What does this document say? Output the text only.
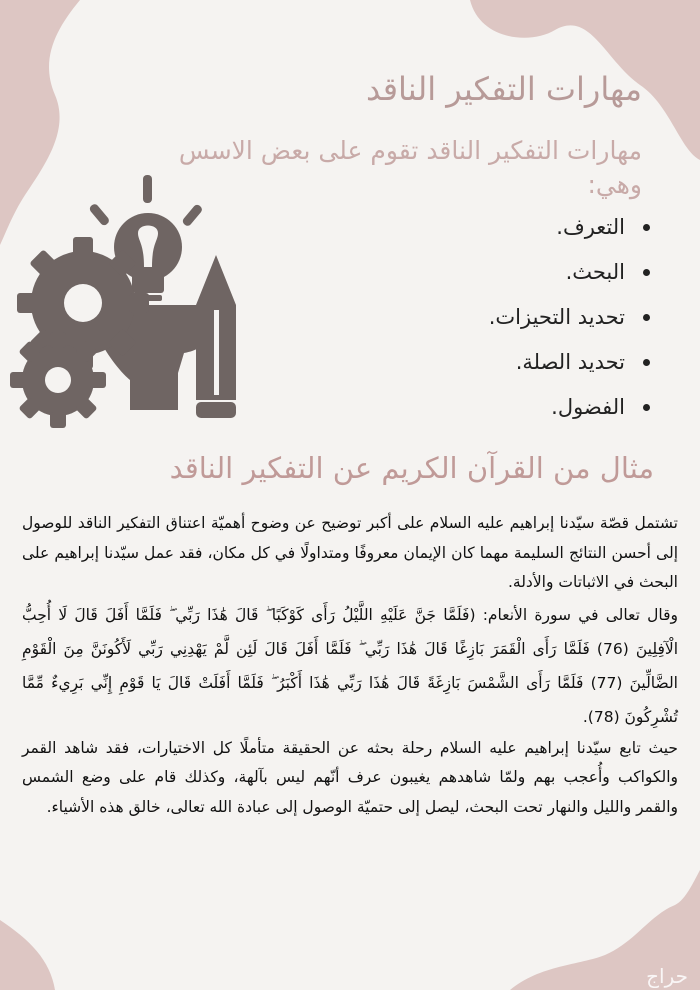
مهارات التفكير الناقد
مهارات التفكير الناقد تقوم على بعض الاسس وهي:
التعرف.
البحث.
تحديد التحيزات.
تحديد الصلة.
الفضول.
مثال من القرآن الكريم عن التفكير الناقد

تشتمل قصّة سيّدنا إبراهيم عليه السلام على أكبر توضيح عن وضوح أهميّة اعتناق التفكير الناقد للوصول إلى أحسن النتائج السليمة مهما كان الإيمان معروفًا ومتداولًا في كل مكان، فقد عمل سيّدنا إبراهيم على البحث في الاثباتات والأدلة.

وقال تعالى في سورة الأنعام: (فَلَمَّا جَنَّ عَلَيْهِ اللَّيْلُ رَأَى كَوْكَبًا ۖ قَالَ هَٰذَا رَبِّي ۖ فَلَمَّا أَفَلَ قَالَ لَا أُحِبُّ الْآفِلِينَ (76) فَلَمَّا رَأَى الْقَمَرَ بَازِغًا قَالَ هَٰذَا رَبِّي ۖ فَلَمَّا أَفَلَ قَالَ لَئِن لَّمْ يَهْدِنِي رَبِّي لَأَكُونَنَّ مِنَ الْقَوْمِ الضَّالِّينَ (77) فَلَمَّا رَأَى الشَّمْسَ بَازِغَةً قَالَ هَٰذَا رَبِّي هَٰذَا أَكْبَرُ ۖ فَلَمَّا أَفَلَتْ قَالَ يَا قَوْمِ إِنِّي بَرِيءٌ مِّمَّا تُشْرِكُونَ (78).

حيث تابع سيّدنا إبراهيم عليه السلام رحلة بحثه عن الحقيقة متأملًا كل الاختيارات، فقد شاهد القمر والكواكب وأُعجب بهم ولمّا شاهدهم يغيبون عرف أنّهم ليس بآلهة، وكذلك قام على وضع الشمس والقمر والليل والنهار تحت البحث، ليصل إلى حتميّة الوصول إلى عبادة الله تعالى، خالق هذه الأشياء.

حراج
